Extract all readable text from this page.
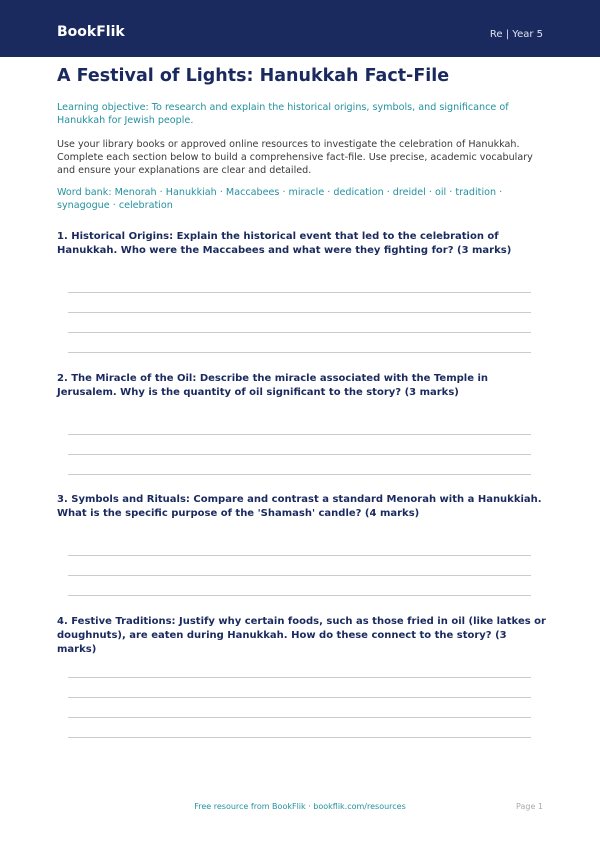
BookFlik	Re | Year 5
A Festival of Lights: Hanukkah Fact-File
Learning objective: To research and explain the historical origins, symbols, and significance of Hanukkah for Jewish people.
Use your library books or approved online resources to investigate the celebration of Hanukkah. Complete each section below to build a comprehensive fact-file. Use precise, academic vocabulary and ensure your explanations are clear and detailed.
Word bank: Menorah · Hanukkiah · Maccabees · miracle · dedication · dreidel · oil · tradition · synagogue · celebration
1. Historical Origins: Explain the historical event that led to the celebration of Hanukkah. Who were the Maccabees and what were they fighting for? (3 marks)
2. The Miracle of the Oil: Describe the miracle associated with the Temple in Jerusalem. Why is the quantity of oil significant to the story? (3 marks)
3. Symbols and Rituals: Compare and contrast a standard Menorah with a Hanukkiah. What is the specific purpose of the 'Shamash' candle? (4 marks)
4. Festive Traditions: Justify why certain foods, such as those fried in oil (like latkes or doughnuts), are eaten during Hanukkah. How do these connect to the story? (3 marks)
Free resource from BookFlik · bookflik.com/resources	Page 1
